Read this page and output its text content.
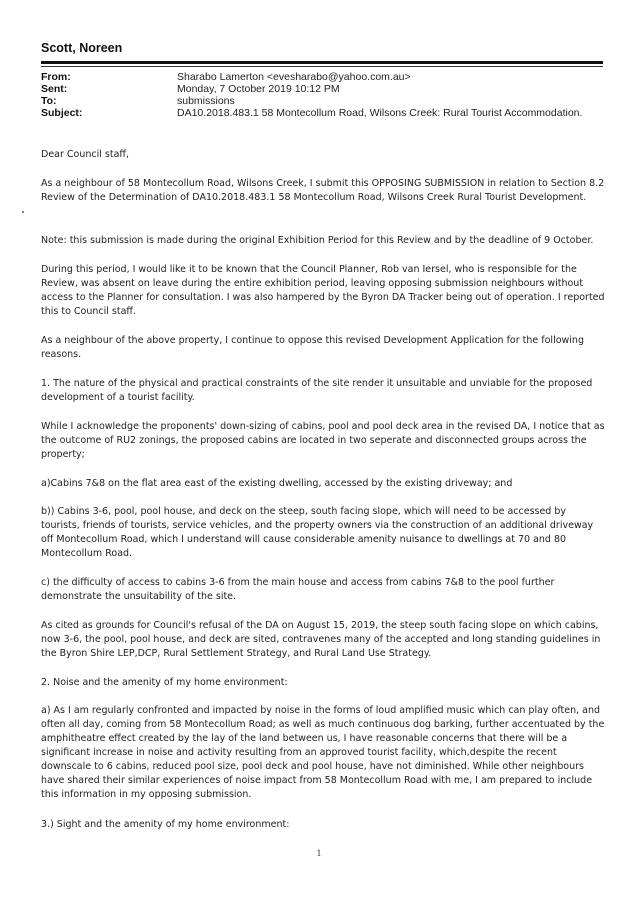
Scott, Noreen
From:	Sharabo Lamerton <evesharabo@yahoo.com.au>
Sent:	Monday, 7 October 2019 10:12 PM
To:	submissions
Subject:	DA10.2018.483.1 58 Montecollum Road, Wilsons Creek: Rural Tourist Accommodation.
Dear Council staff,
As a neighbour of 58 Montecollum Road, Wilsons Creek, I submit this OPPOSING SUBMISSION in relation to Section 8.2 Review of the Determination of DA10.2018.483.1 58 Montecollum Road, Wilsons Creek Rural Tourist Development.
Note: this submission is made during the original Exhibition Period for this Review and by the deadline of 9 October.
During this period, I would like it to be known that the Council Planner, Rob van Iersel, who is responsible for the Review, was absent on leave during the entire exhibition period, leaving opposing submission neighbours without access to the Planner for consultation. I was also hampered by the Byron DA Tracker being out of operation. I reported this to Council staff.
As a neighbour of the above property, I continue to oppose this revised Development Application for the following reasons.
1. The nature of the physical and practical constraints of the site render it unsuitable and unviable for the proposed development of a tourist facility.
While I acknowledge the proponents' down-sizing of cabins, pool and pool deck area in the revised DA, I notice that as the outcome of RU2 zonings, the proposed cabins are located in two seperate and disconnected groups across the property;
a)Cabins 7&8 on the flat area east of the existing dwelling, accessed by the existing driveway; and
b)) Cabins 3-6, pool, pool house, and deck on the steep, south facing slope, which will need to be accessed by tourists, friends of tourists, service vehicles, and the property owners via the construction of an additional driveway off Montecollum Road, which I understand will cause considerable amenity nuisance to dwellings at 70 and 80 Montecollum Road.
c) the difficulty of access to cabins 3-6 from the main house and access from cabins 7&8 to the pool further demonstrate the unsuitability of the site.
As cited as grounds for Council's refusal of the DA on August 15, 2019, the steep south facing slope on which cabins, now 3-6, the pool, pool house, and deck are sited, contravenes many of the accepted and long standing guidelines in the Byron Shire LEP,DCP, Rural Settlement Strategy, and Rural Land Use Strategy.
2. Noise and the amenity of my home environment:
a) As I am regularly confronted and impacted by noise in the forms of loud amplified music which can play often, and often all day, coming from 58 Montecollum Road; as well as much continuous dog barking, further accentuated by the amphitheatre effect created by the lay of the land between us, I have reasonable concerns that there will be a significant increase in noise and activity resulting from an approved tourist facility, which,despite the recent downscale to 6 cabins, reduced pool size, pool deck and pool house, have not diminished. While other neighbours have shared their similar experiences of noise impact from 58 Montecollum Road with me, I am prepared to include this information in my opposing submission.
3.) Sight and the amenity of my home environment:
1
